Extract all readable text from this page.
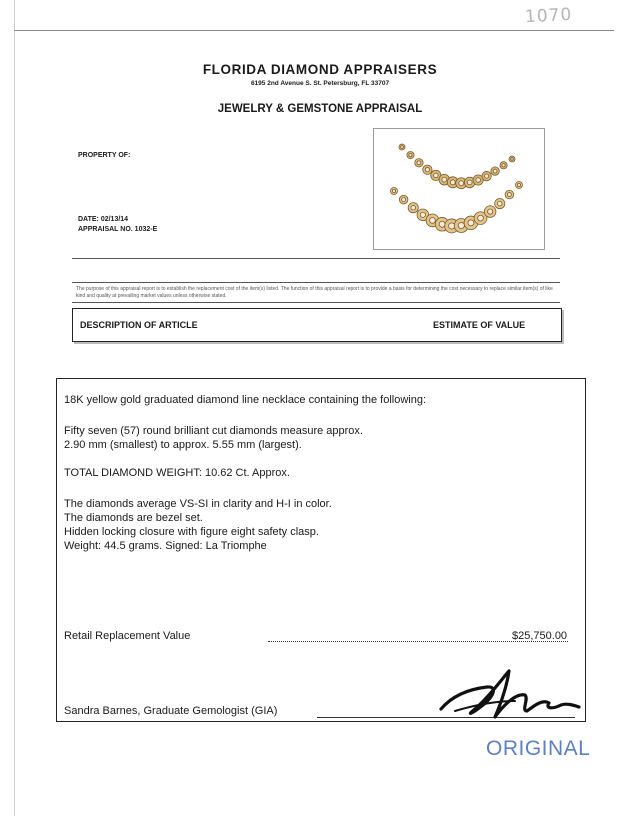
1070
FLORIDA DIAMOND APPRAISERS
6195 2nd Avenue S. St. Petersburg, FL 33707
JEWELRY & GEMSTONE APPRAISAL
PROPERTY OF:
DATE: 02/13/14
APPRAISAL NO. 1032-E
The purpose of this appraisal report is to establish the replacement cost of the item(s) listed. The function of this appraisal report is to provide a basis for determining the cost necessary to replace similar item(s) of like kind and quality at prevailing market values unless otherwise stated.
DESCRIPTION OF ARTICLE	ESTIMATE OF VALUE
18K yellow gold graduated diamond line necklace containing the following:
Fifty seven (57) round brilliant cut diamonds measure approx.
2.90 mm (smallest) to approx. 5.55 mm (largest).
TOTAL DIAMOND WEIGHT: 10.62 Ct. Approx.
The diamonds average VS-SI in clarity and H-I in color.
The diamonds are bezel set.
Hidden locking closure with figure eight safety clasp.
Weight: 44.5 grams. Signed: La Triomphe
Retail Replacement Value	$25,750.00
Sandra Barnes, Graduate Gemologist (GIA)
ORIGINAL
